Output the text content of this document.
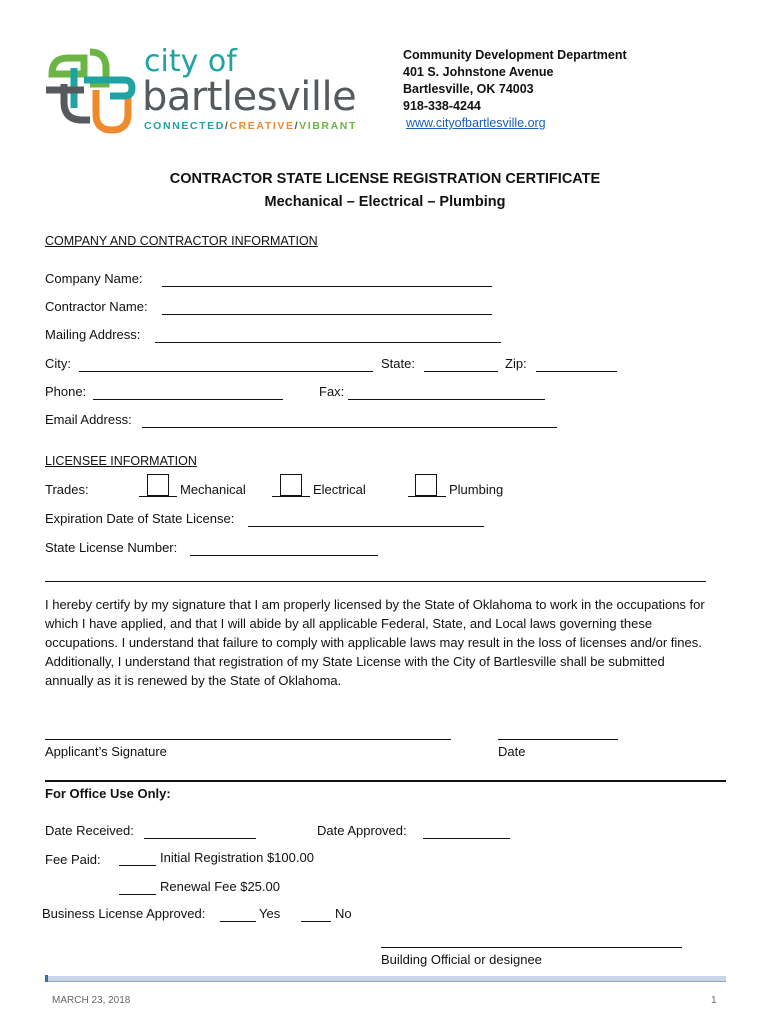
city of
bartlesville
CONNECTED/CREATIVE/VIBRANT
Community Development Department
401 S. Johnstone Avenue
Bartlesville, OK 74003
918-338-4244
www.cityofbartlesville.org
CONTRACTOR STATE LICENSE REGISTRATION CERTIFICATE
Mechanical – Electrical – Plumbing
COMPANY AND CONTRACTOR INFORMATION
Company Name:
Contractor Name:
Mailing Address:
City:	State:	Zip:
Phone:	Fax:
Email Address:
LICENSEE INFORMATION
Trades:	Mechanical	Electrical	Plumbing
Expiration Date of State License:
State License Number:
I hereby certify by my signature that I am properly licensed by the State of Oklahoma to work in the occupations for which I have applied, and that I will abide by all applicable Federal, State, and Local laws governing these occupations. I understand that failure to comply with applicable laws may result in the loss of licenses and/or fines. Additionally, I understand that registration of my State License with the City of Bartlesville shall be submitted annually as it is renewed by the State of Oklahoma.
Applicant’s Signature	Date
For Office Use Only:
Date Received:	Date Approved:
Fee Paid:	Initial Registration $100.00
Renewal Fee $25.00
Business License Approved:	Yes	No
Building Official or designee
MARCH 23, 2018	1
